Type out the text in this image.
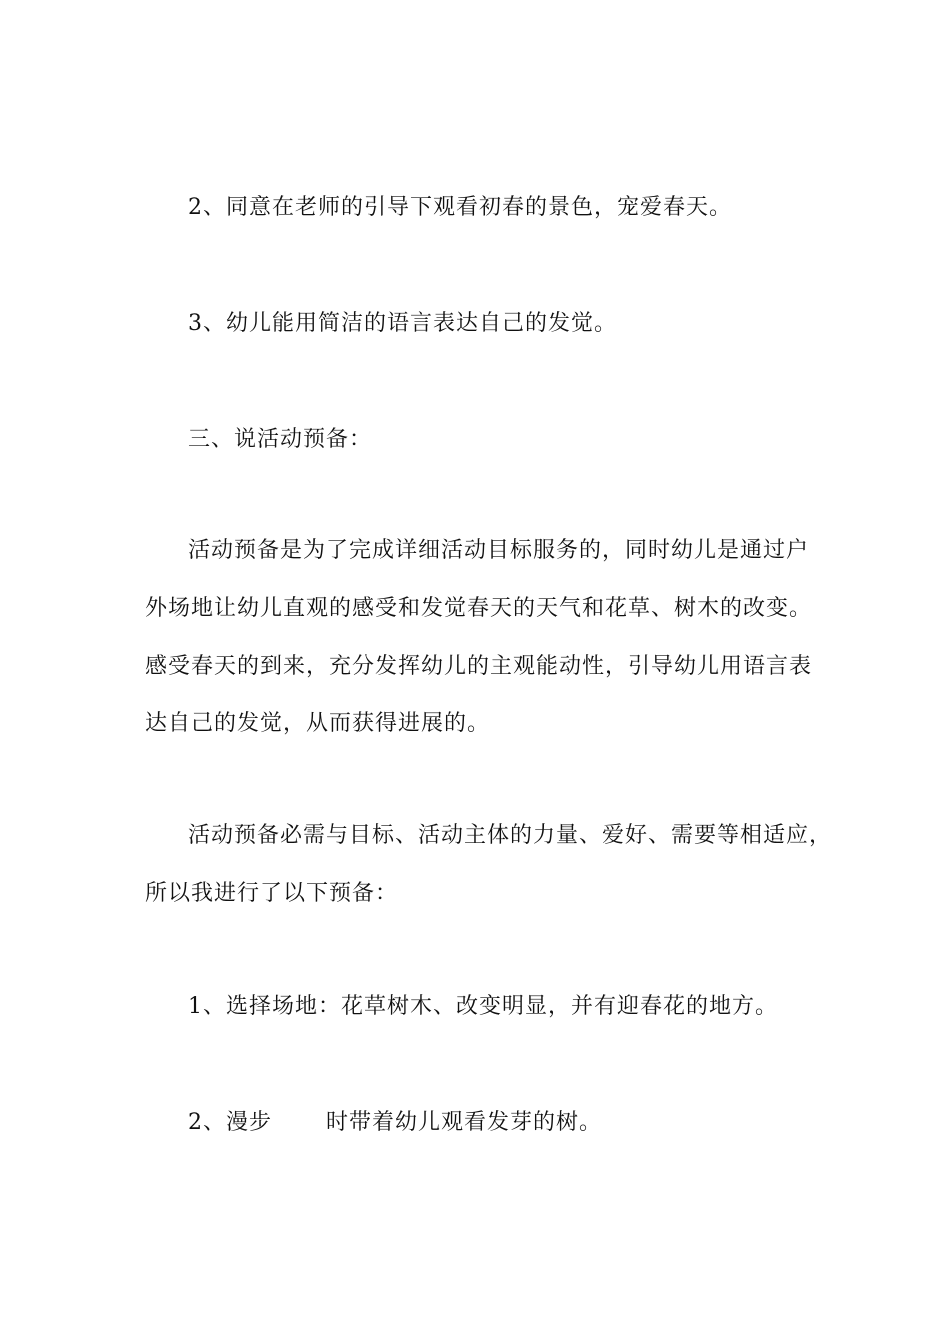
2、同意在老师的引导下观看初春的景色，宠爱春天。
3、幼儿能用简洁的语言表达自己的发觉。
三、说活动预备：
活动预备是为了完成详细活动目标服务的，同时幼儿是通过户
外场地让幼儿直观的感受和发觉春天的天气和花草、树木的改变。
感受春天的到来，充分发挥幼儿的主观能动性，引导幼儿用语言表
达自己的发觉，从而获得进展的。
活动预备必需与目标、活动主体的力量、爱好、需要等相适应，
所以我进行了以下预备：
1、选择场地：花草树木、改变明显，并有迎春花的地方。
2、漫步 时带着幼儿观看发芽的树。
